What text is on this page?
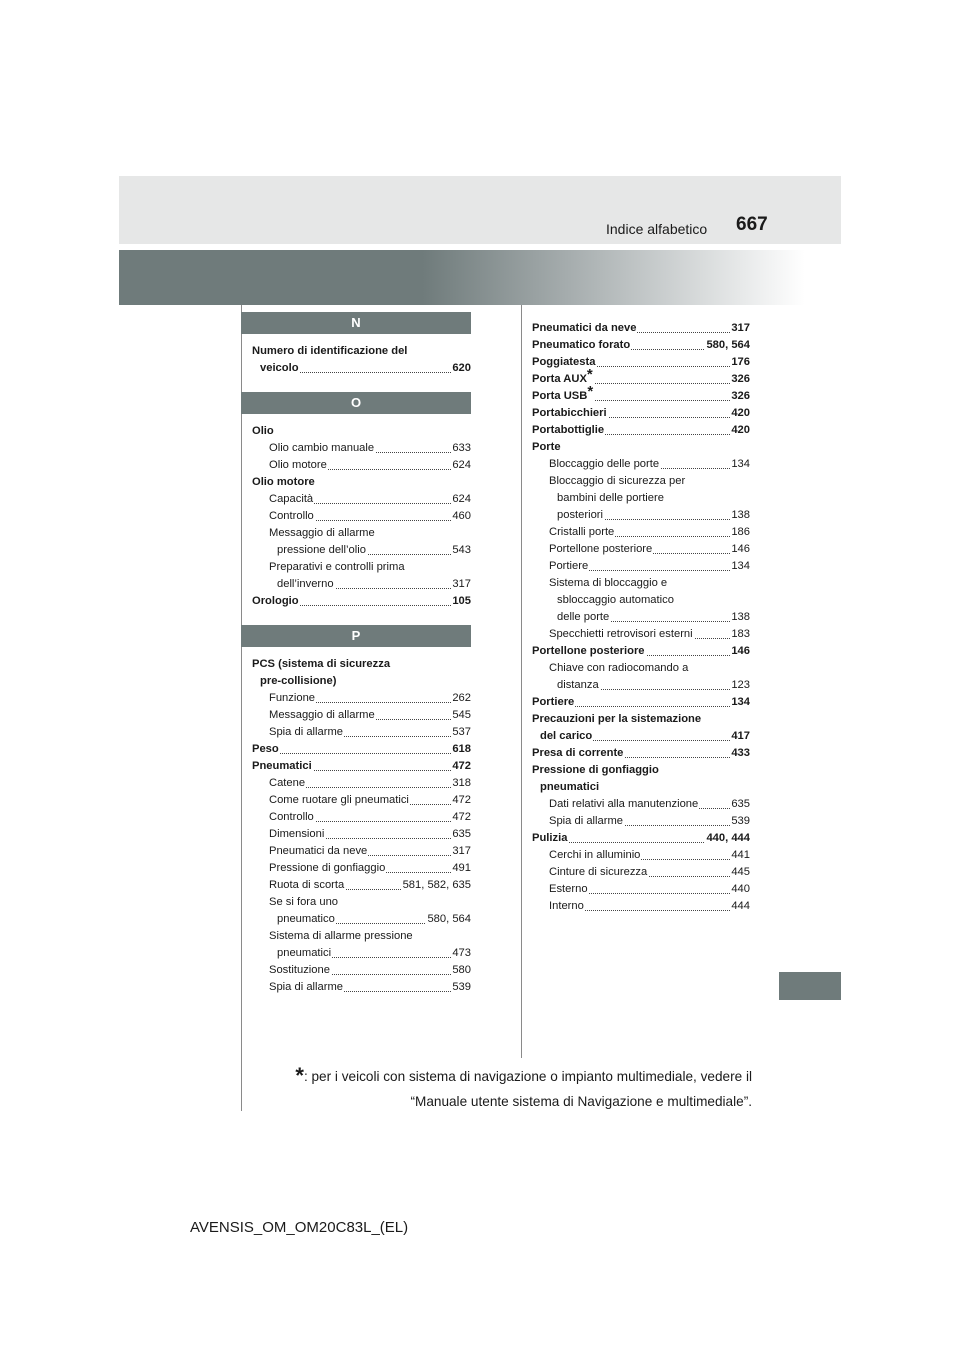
667
Indice alfabetico
N
Numero di identificazione del
veicolo	620
O
Olio
Olio cambio manuale	633
Olio motore	624
Olio motore
Capacità	624
Controllo	460
Messaggio di allarme
pressione dell’olio	543
Preparativi e controlli prima
dell’inverno	317
Orologio	105
P
PCS (sistema di sicurezza
pre-collisione)
Funzione	262
Messaggio di allarme	545
Spia di allarme	537
Peso	618
Pneumatici	472
Catene	318
Come ruotare gli pneumatici	472
Controllo	472
Dimensioni	635
Pneumatici da neve	317
Pressione di gonfiaggio	491
Ruota di scorta	581, 582, 635
Se si fora uno
pneumatico	580, 564
Sistema di allarme pressione
pneumatici	473
Sostituzione	580
Spia di allarme	539
Pneumatici da neve	317
Pneumatico forato	580, 564
Poggiatesta	176
Porta AUX*	326
Porta USB*	326
Portabicchieri	420
Portabottiglie	420
Porte
Bloccaggio delle porte	134
Bloccaggio di sicurezza per
bambini delle portiere
posteriori	138
Cristalli porte	186
Portellone posteriore	146
Portiere	134
Sistema di bloccaggio e
sbloccaggio automatico
delle porte	138
Specchietti retrovisori esterni	183
Portellone posteriore	146
Chiave con radiocomando a
distanza	123
Portiere	134
Precauzioni per la sistemazione
del carico	417
Presa di corrente	433
Pressione di gonfiaggio
pneumatici
Dati relativi alla manutenzione	635
Spia di allarme	539
Pulizia	440, 444
Cerchi in alluminio	441
Cinture di sicurezza	445
Esterno	440
Interno	444
*: per i veicoli con sistema di navigazione o impianto multimediale, vedere il
“Manuale utente sistema di Navigazione e multimediale”.
AVENSIS_OM_OM20C83L_(EL)
